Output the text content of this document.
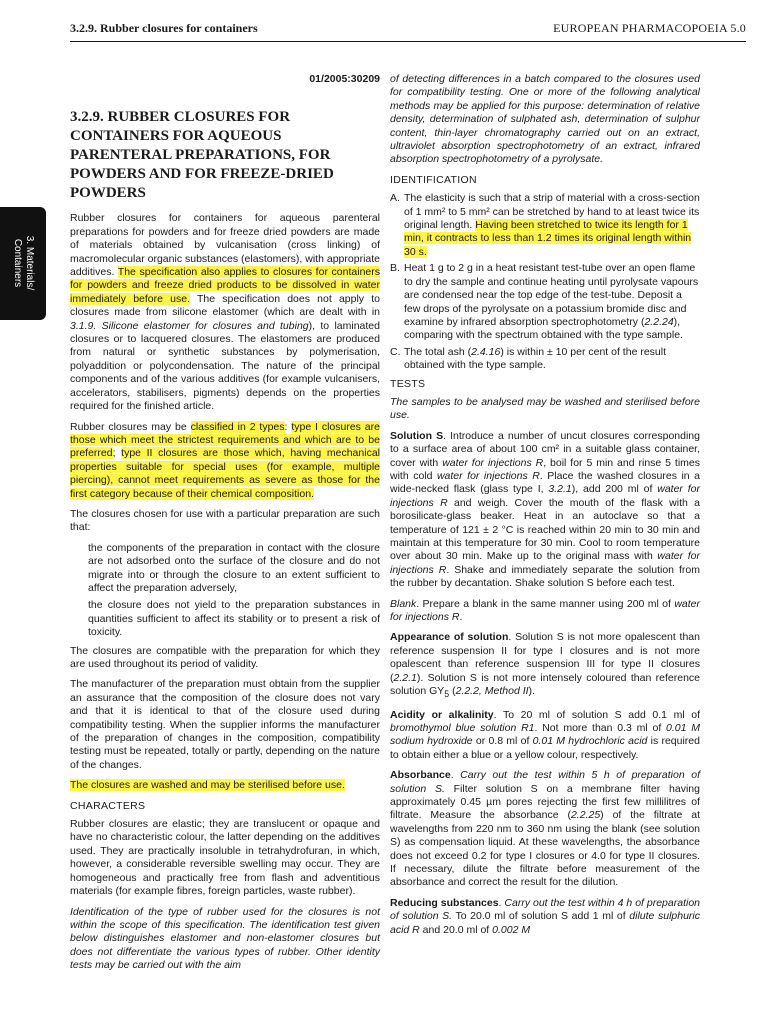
3.2.9. Rubber closures for containers	EUROPEAN PHARMACOPOEIA 5.0
3. Materials/
Containers
01/2005:30209
3.2.9. RUBBER CLOSURES FOR CONTAINERS FOR AQUEOUS PARENTERAL PREPARATIONS, FOR POWDERS AND FOR FREEZE-DRIED POWDERS

Rubber closures for containers for aqueous parenteral preparations for powders and for freeze dried powders are made of materials obtained by vulcanisation (cross linking) of macromolecular organic substances (elastomers), with appropriate additives. The specification also applies to closures for containers for powders and freeze dried products to be dissolved in water immediately before use. The specification does not apply to closures made from silicone elastomer (which are dealt with in 3.1.9. Silicone elastomer for closures and tubing), to laminated closures or to lacquered closures. The elastomers are produced from natural or synthetic substances by polymerisation, polyaddition or polycondensation. The nature of the principal components and of the various additives (for example vulcanisers, accelerators, stabilisers, pigments) depends on the properties required for the finished article.

Rubber closures may be classified in 2 types: type I closures are those which meet the strictest requirements and which are to be preferred; type II closures are those which, having mechanical properties suitable for special uses (for example, multiple piercing), cannot meet requirements as severe as those for the first category because of their chemical composition.

The closures chosen for use with a particular preparation are such that:

the components of the preparation in contact with the closure are not adsorbed onto the surface of the closure and do not migrate into or through the closure to an extent sufficient to affect the preparation adversely,
the closure does not yield to the preparation substances in quantities sufficient to affect its stability or to present a risk of toxicity.

The closures are compatible with the preparation for which they are used throughout its period of validity.

The manufacturer of the preparation must obtain from the supplier an assurance that the composition of the closure does not vary and that it is identical to that of the closure used during compatibility testing. When the supplier informs the manufacturer of the preparation of changes in the composition, compatibility testing must be repeated, totally or partly, depending on the nature of the changes.

The closures are washed and may be sterilised before use.

CHARACTERS

Rubber closures are elastic; they are translucent or opaque and have no characteristic colour, the latter depending on the additives used. They are practically insoluble in tetrahydrofuran, in which, however, a considerable reversible swelling may occur. They are homogeneous and practically free from flash and adventitious materials (for example fibres, foreign particles, waste rubber).

Identification of the type of rubber used for the closures is not within the scope of this specification. The identification test given below distinguishes elastomer and non-elastomer closures but does not differentiate the various types of rubber. Other identity tests may be carried out with the aim

of detecting differences in a batch compared to the closures used for compatibility testing. One or more of the following analytical methods may be applied for this purpose: determination of relative density, determination of sulphated ash, determination of sulphur content, thin-layer chromatography carried out on an extract, ultraviolet absorption spectrophotometry of an extract, infrared absorption spectrophotometry of a pyrolysate.

IDENTIFICATION
A. The elasticity is such that a strip of material with a cross-section of 1 mm² to 5 mm² can be stretched by hand to at least twice its original length. Having been stretched to twice its length for 1 min, it contracts to less than 1.2 times its original length within 30 s.
B. Heat 1 g to 2 g in a heat resistant test-tube over an open flame to dry the sample and continue heating until pyrolysate vapours are condensed near the top edge of the test-tube. Deposit a few drops of the pyrolysate on a potassium bromide disc and examine by infrared absorption spectrophotometry (2.2.24), comparing with the spectrum obtained with the type sample.
C. The total ash (2.4.16) is within ± 10 per cent of the result obtained with the type sample.
TESTS

The samples to be analysed may be washed and sterilised before use.

Solution S. Introduce a number of uncut closures corresponding to a surface area of about 100 cm² in a suitable glass container, cover with water for injections R, boil for 5 min and rinse 5 times with cold water for injections R. Place the washed closures in a wide-necked flask (glass type I, 3.2.1), add 200 ml of water for injections R and weigh. Cover the mouth of the flask with a borosilicate-glass beaker. Heat in an autoclave so that a temperature of 121 ± 2 °C is reached within 20 min to 30 min and maintain at this temperature for 30 min. Cool to room temperature over about 30 min. Make up to the original mass with water for injections R. Shake and immediately separate the solution from the rubber by decantation. Shake solution S before each test.

Blank. Prepare a blank in the same manner using 200 ml of water for injections R.

Appearance of solution. Solution S is not more opalescent than reference suspension II for type I closures and is not more opalescent than reference suspension III for type II closures (2.2.1). Solution S is not more intensely coloured than reference solution $GY_5$ (2.2.2, Method II).

Acidity or alkalinity. To 20 ml of solution S add 0.1 ml of bromothymol blue solution R1. Not more than 0.3 ml of 0.01 M sodium hydroxide or 0.8 ml of 0.01 M hydrochloric acid is required to obtain either a blue or a yellow colour, respectively.

Absorbance. Carry out the test within 5 h of preparation of solution S. Filter solution S on a membrane filter having approximately 0.45 µm pores rejecting the first few millilitres of filtrate. Measure the absorbance (2.2.25) of the filtrate at wavelengths from 220 nm to 360 nm using the blank (see solution S) as compensation liquid. At these wavelengths, the absorbance does not exceed 0.2 for type I closures or 4.0 for type II closures. If necessary, dilute the filtrate before measurement of the absorbance and correct the result for the dilution.

Reducing substances. Carry out the test within 4 h of preparation of solution S. To 20.0 ml of solution S add 1 ml of dilute sulphuric acid R and 20.0 ml of 0.002 M
